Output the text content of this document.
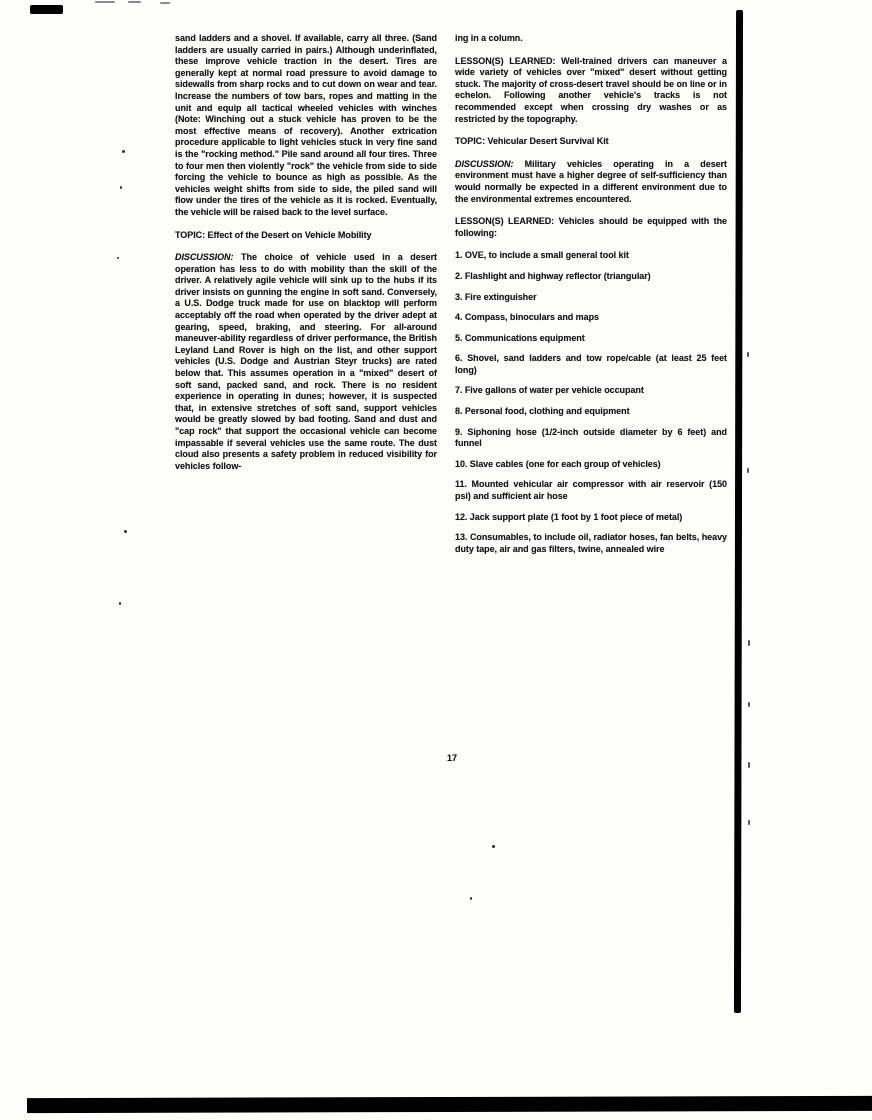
sand ladders and a shovel. If available, carry all three. (Sand ladders are usually carried in pairs.) Although underinflated, these improve vehicle traction in the desert. Tires are generally kept at normal road pressure to avoid damage to sidewalls from sharp rocks and to cut down on wear and tear. Increase the numbers of tow bars, ropes and matting in the unit and equip all tactical wheeled vehicles with winches (Note: Winching out a stuck vehicle has proven to be the most effective means of recovery). Another extrication procedure applicable to light vehicles stuck in very fine sand is the "rocking method." Pile sand around all four tires. Three to four men then violently "rock" the vehicle from side to side forcing the vehicle to bounce as high as possible. As the vehicles weight shifts from side to side, the piled sand will flow under the tires of the vehicle as it is rocked. Eventually, the vehicle will be raised back to the level surface.

TOPIC: Effect of the Desert on Vehicle Mobility

DISCUSSION: The choice of vehicle used in a desert operation has less to do with mobility than the skill of the driver. A relatively agile vehicle will sink up to the hubs if its driver insists on gunning the engine in soft sand. Conversely, a U.S. Dodge truck made for use on blacktop will perform acceptably off the road when operated by the driver adept at gearing, speed, braking, and steering. For all-around maneuver-ability regardless of driver performance, the British Leyland Land Rover is high on the list, and other support vehicles (U.S. Dodge and Austrian Steyr trucks) are rated below that. This assumes operation in a "mixed" desert of soft sand, packed sand, and rock. There is no resident experience in operating in dunes; however, it is suspected that, in extensive stretches of soft sand, support vehicles would be greatly slowed by bad footing. Sand and dust and "cap rock" that support the occasional vehicle can become impassable if several vehicles use the same route. The dust cloud also presents a safety problem in reduced visibility for vehicles follow-

ing in a column.

LESSON(S) LEARNED: Well-trained drivers can maneuver a wide variety of vehicles over "mixed" desert without getting stuck. The majority of cross-desert travel should be on line or in echelon. Following another vehicle's tracks is not recommended except when crossing dry washes or as restricted by the topography.

TOPIC: Vehicular Desert Survival Kit

DISCUSSION: Military vehicles operating in a desert environment must have a higher degree of self-sufficiency than would normally be expected in a different environment due to the environmental extremes encountered.

LESSON(S) LEARNED: Vehicles should be equipped with the following:

1. OVE, to include a small general tool kit

2. Flashlight and highway reflector (triangular)

3. Fire extinguisher

4. Compass, binoculars and maps

5. Communications equipment

6. Shovel, sand ladders and tow rope/cable (at least 25 feet long)

7. Five gallons of water per vehicle occupant

8. Personal food, clothing and equipment

9. Siphoning hose (1/2-inch outside diameter by 6 feet) and funnel

10. Slave cables (one for each group of vehicles)

11. Mounted vehicular air compressor with air reservoir (150 psi) and sufficient air hose

12. Jack support plate (1 foot by 1 foot piece of metal)

13. Consumables, to include oil, radiator hoses, fan belts, heavy duty tape, air and gas filters, twine, annealed wire

17
